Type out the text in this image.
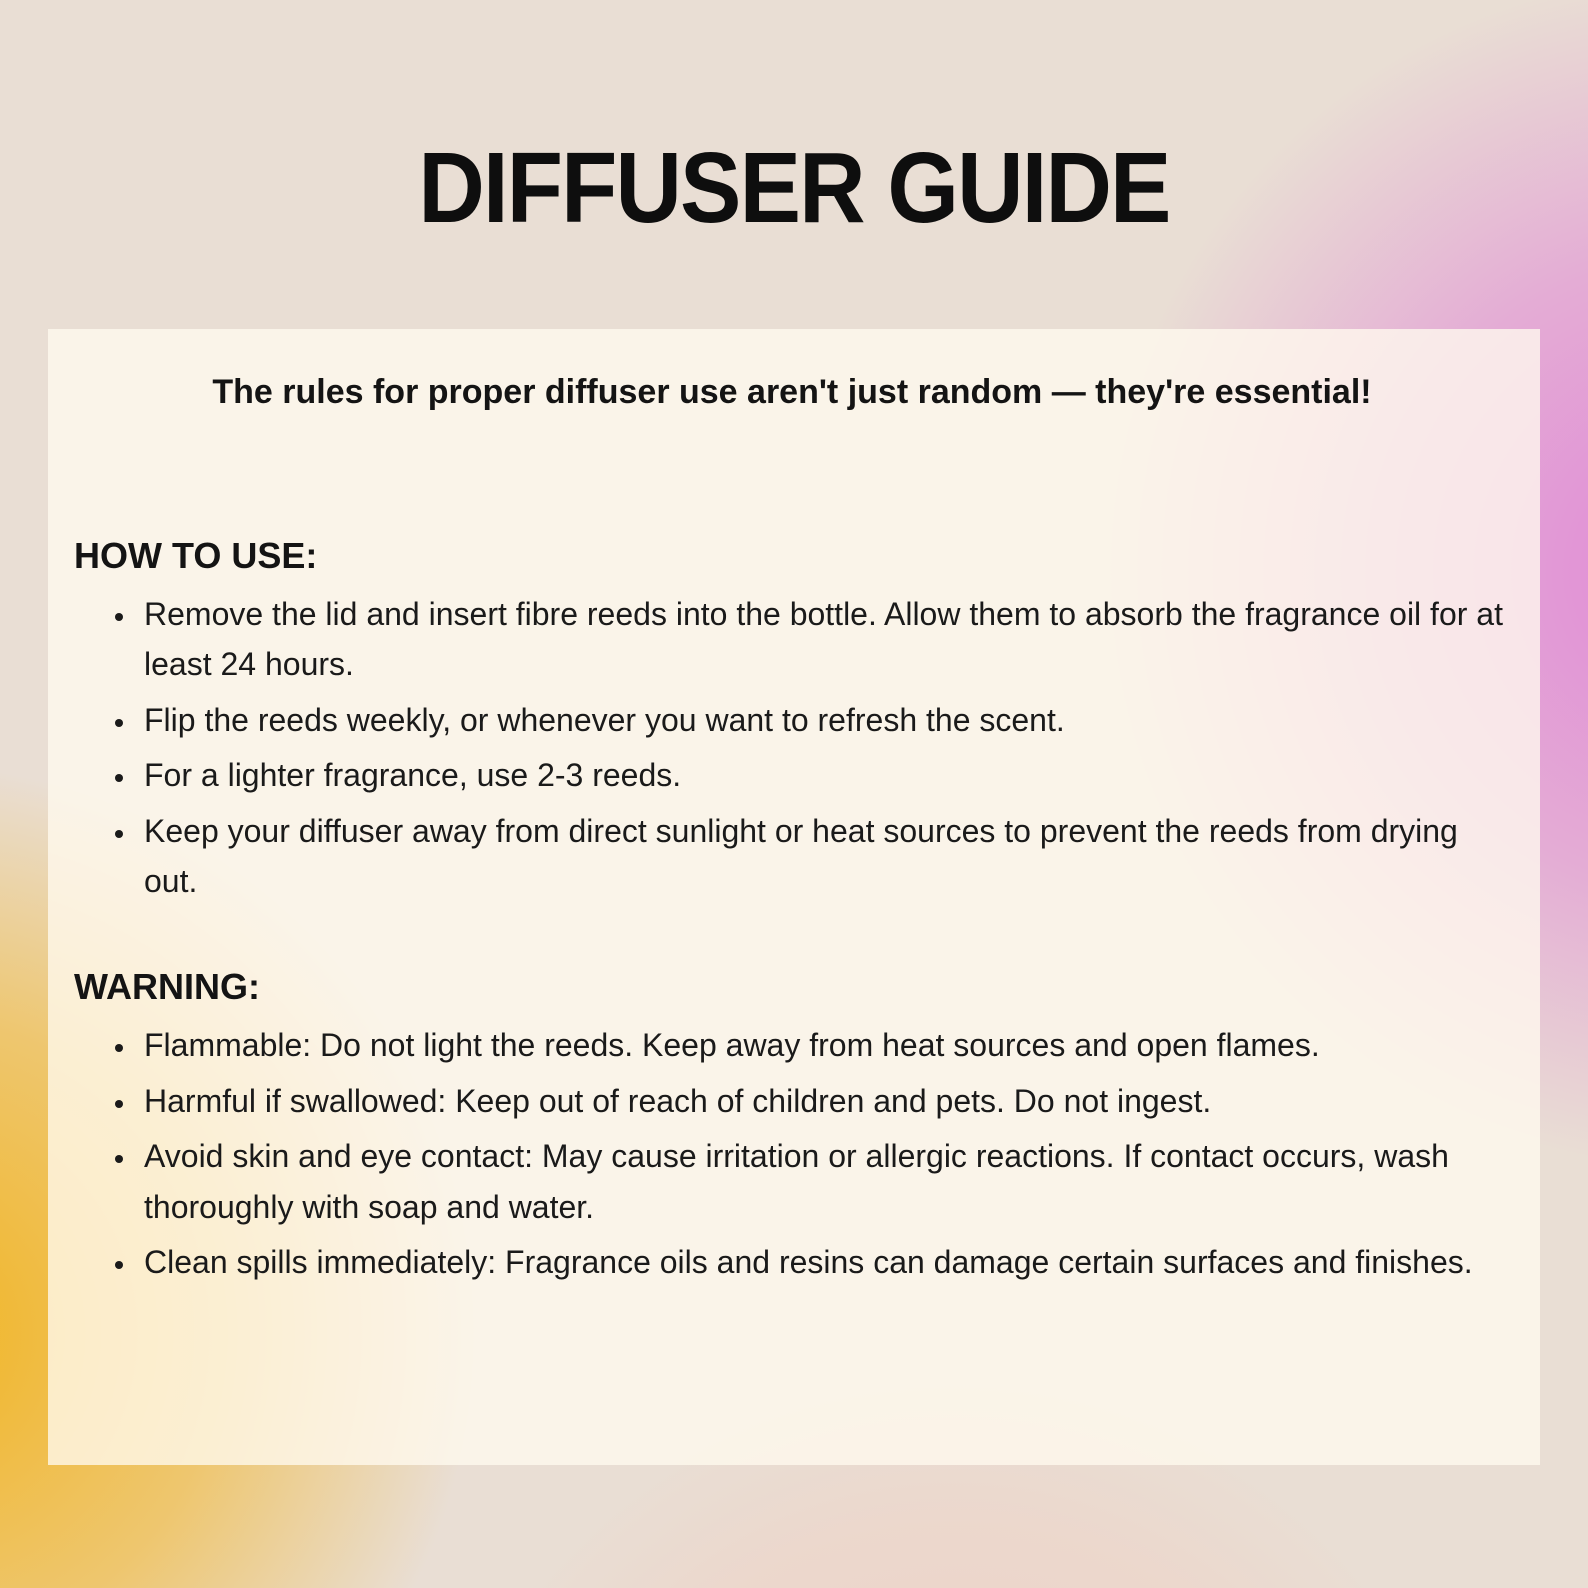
DIFFUSER GUIDE

The rules for proper diffuser use aren't just random — they're essential!

HOW TO USE:
• Remove the lid and insert fibre reeds into the bottle. Allow them to absorb the fragrance oil for at least 24 hours.
• Flip the reeds weekly, or whenever you want to refresh the scent.
• For a lighter fragrance, use 2-3 reeds.
• Keep your diffuser away from direct sunlight or heat sources to prevent the reeds from drying out.
WARNING:
• Flammable: Do not light the reeds. Keep away from heat sources and open flames.
• Harmful if swallowed: Keep out of reach of children and pets. Do not ingest.
• Avoid skin and eye contact: May cause irritation or allergic reactions. If contact occurs, wash thoroughly with soap and water.
• Clean spills immediately: Fragrance oils and resins can damage certain surfaces and finishes.
